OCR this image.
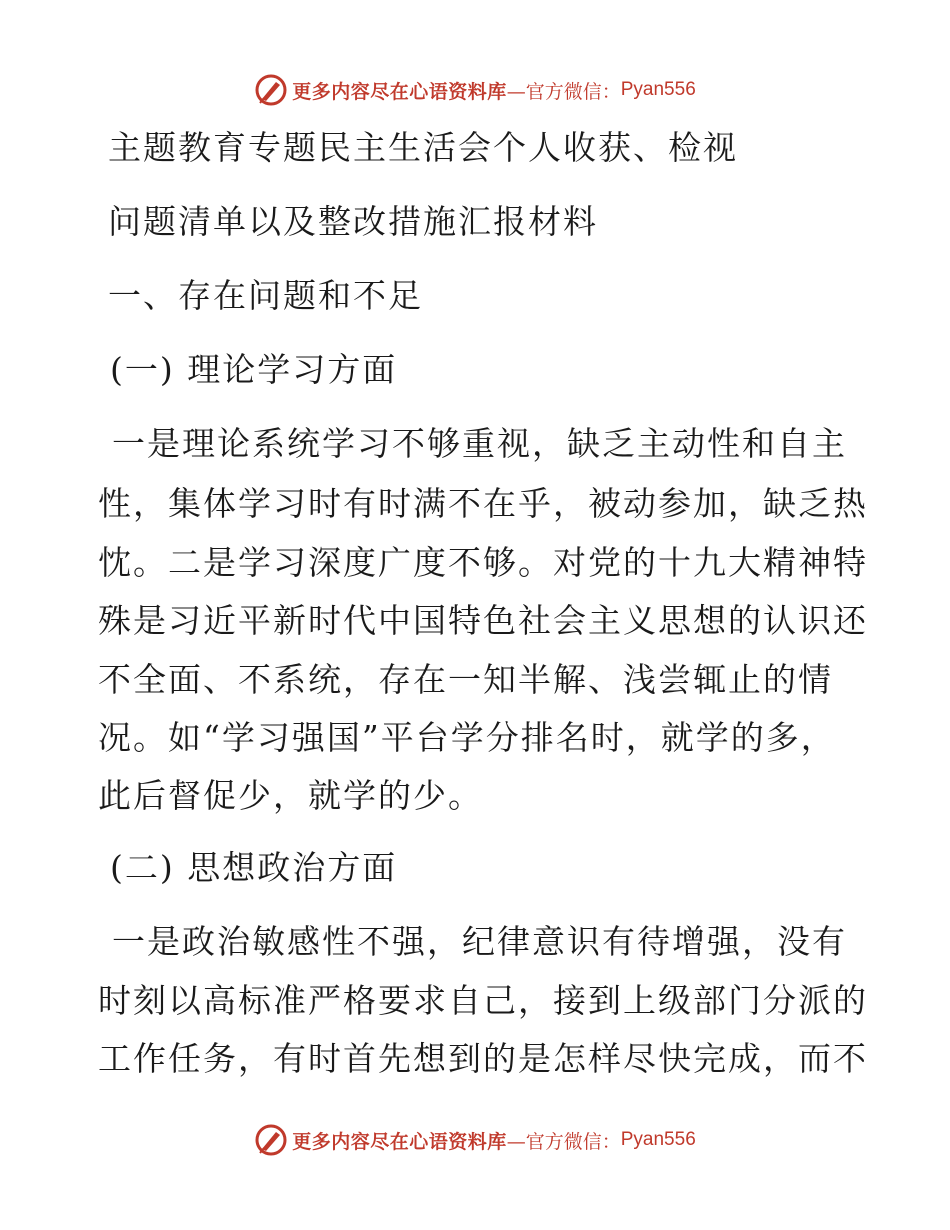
更多内容尽在心语资料库 —官方微信： Pyan556
主题教育专题民主生活会个人收获、检视
问题清单以及整改措施汇报材料
一、存在问题和不足
(一) 理论学习方面
一是理论系统学习不够重视，缺乏主动性和自主
性，集体学习时有时满不在乎，被动参加，缺乏热
忱。二是学习深度广度不够。对党的十九大精神特
殊是习近平新时代中国特色社会主义思想的认识还
不全面、不系统，存在一知半解、浅尝辄止的情
况。如“学习强国”平台学分排名时，就学的多，
此后督促少，就学的少。
(二) 思想政治方面
一是政治敏感性不强，纪律意识有待增强，没有
时刻以高标准严格要求自己，接到上级部门分派的
工作任务，有时首先想到的是怎样尽快完成，而不
更多内容尽在心语资料库 —官方微信： Pyan556
